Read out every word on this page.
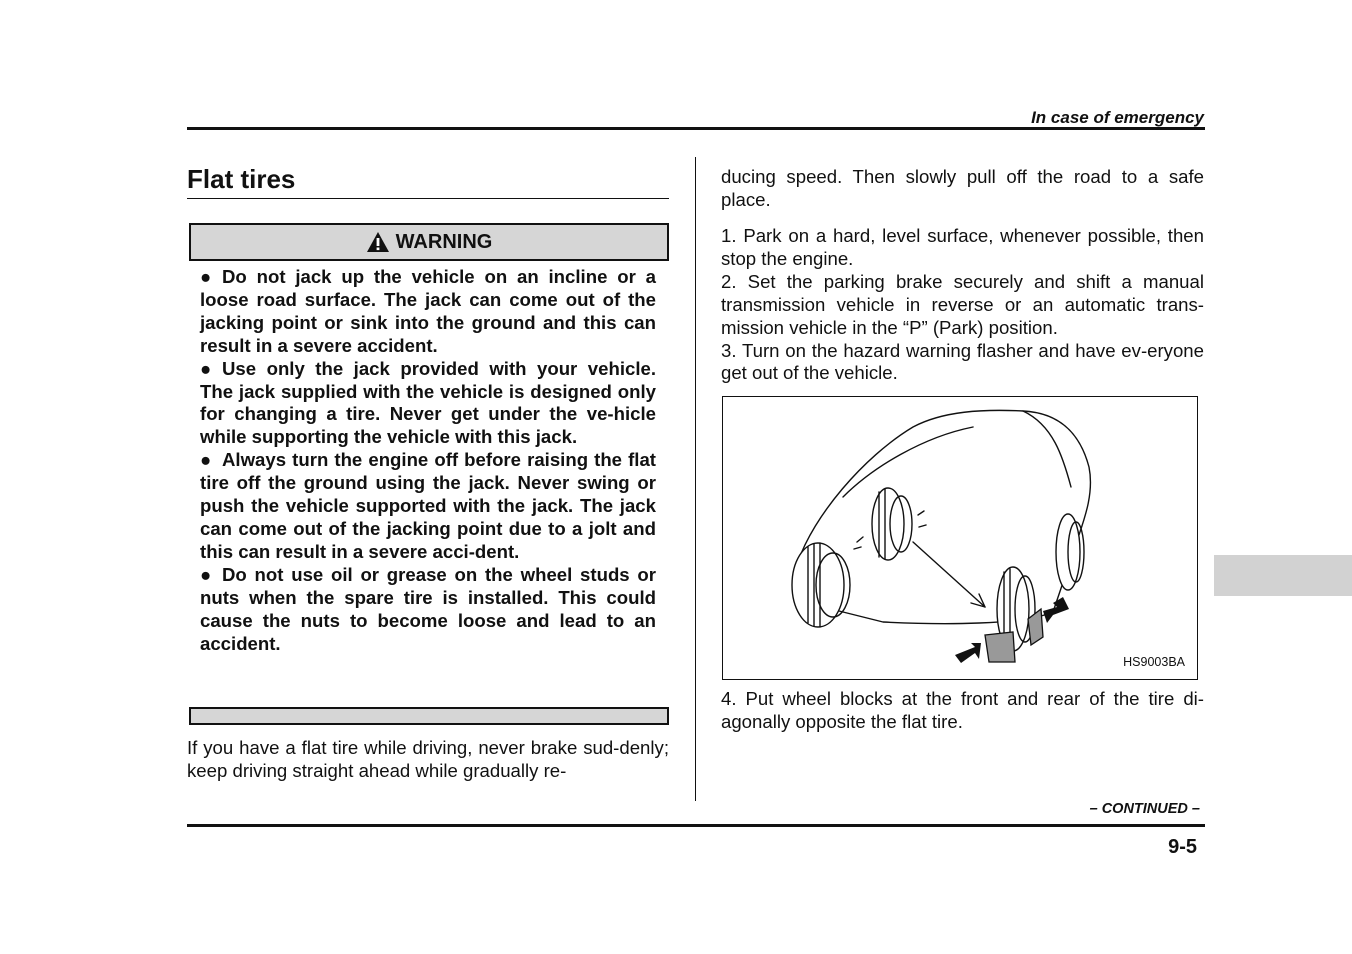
In case of emergency
Flat tires
WARNING
● Do not jack up the vehicle on an incline or a loose road surface. The jack can come out of the jacking point or sink into the ground and this can result in a severe accident.
● Use only the jack provided with your vehicle. The jack supplied with the vehicle is designed only for changing a tire. Never get under the ve-hicle while supporting the vehicle with this jack.
● Always turn the engine off before raising the flat tire off the ground using the jack. Never swing or push the vehicle supported with the jack. The jack can come out of the jacking point due to a jolt and this can result in a severe acci-dent.
● Do not use oil or grease on the wheel studs or nuts when the spare tire is installed. This could cause the nuts to become loose and lead to an accident.
If you have a flat tire while driving, never brake sud-denly; keep driving straight ahead while gradually re-
ducing speed. Then slowly pull off the road to a safe place.
1. Park on a hard, level surface, whenever possible, then stop the engine.
2. Set the parking brake securely and shift a manual transmission vehicle in reverse or an automatic trans-mission vehicle in the “P” (Park) position.
3. Turn on the hazard warning flasher and have ev-eryone get out of the vehicle.
HS9003BA
4. Put wheel blocks at the front and rear of the tire di-agonally opposite the flat tire.
– CONTINUED –
9-5
